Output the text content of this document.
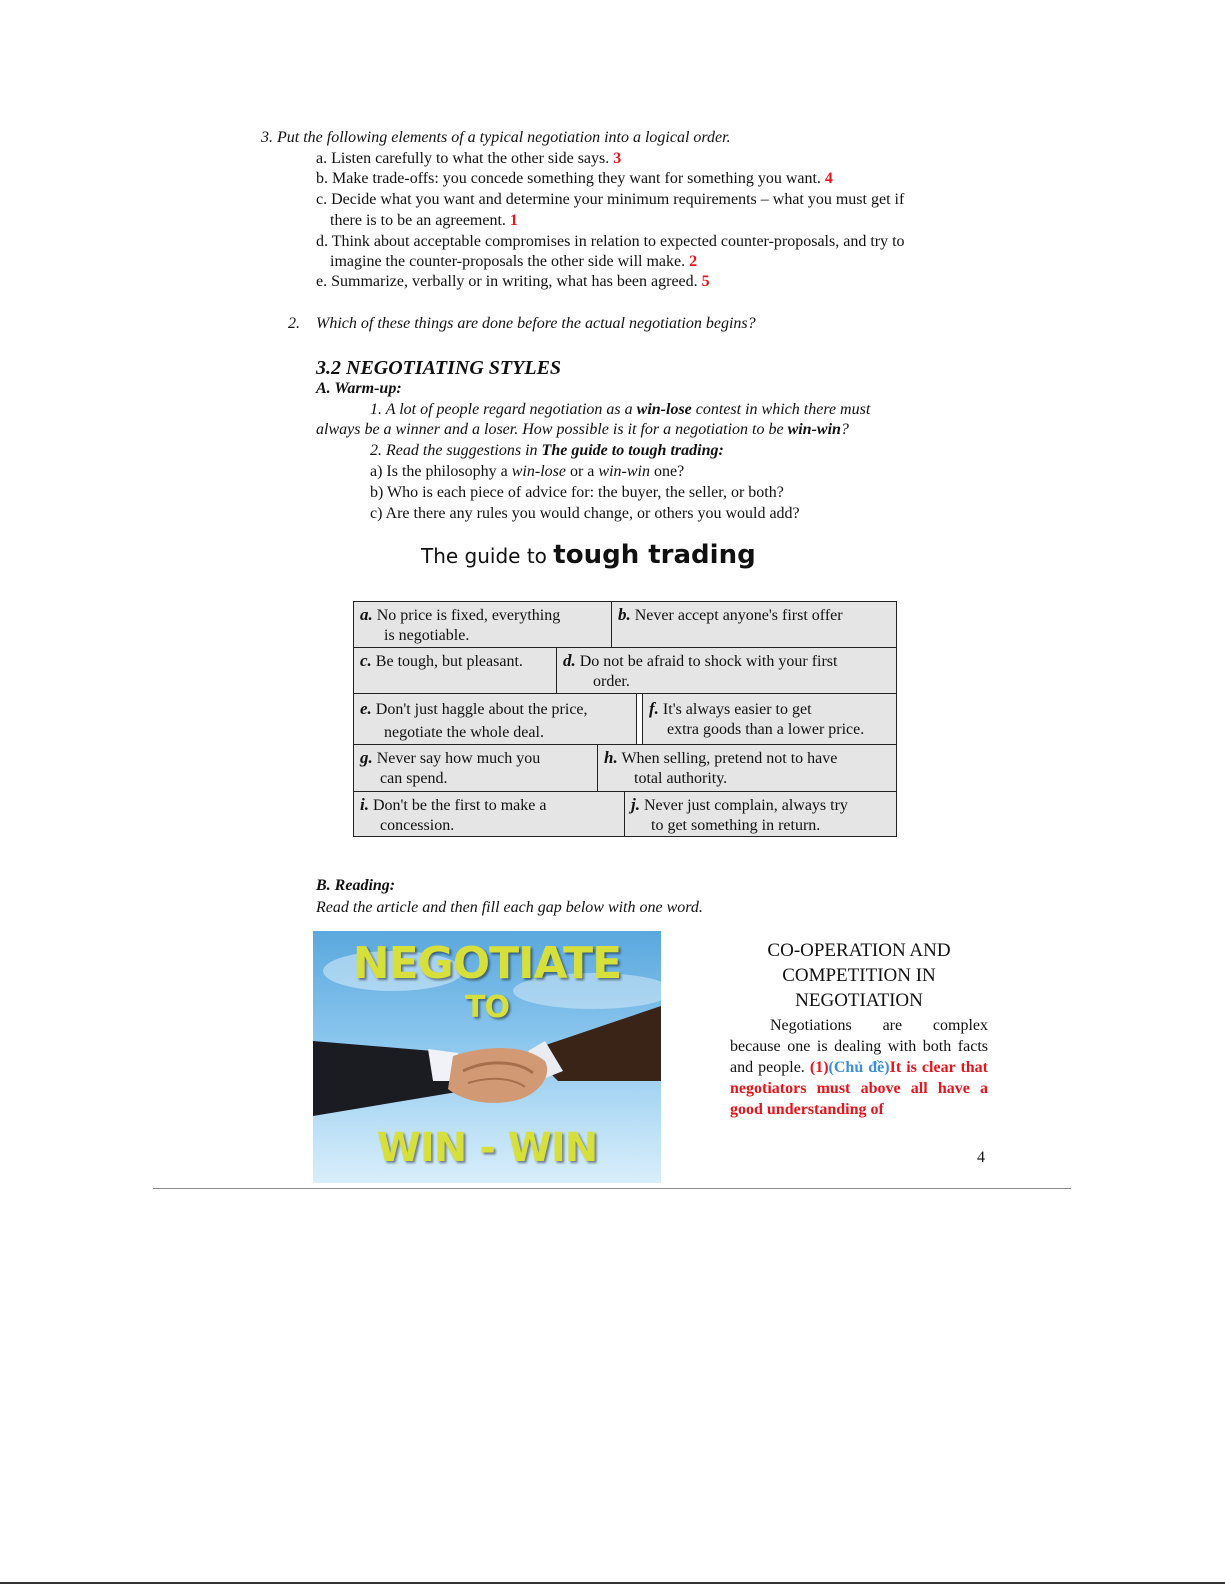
3. Put the following elements of a typical negotiation into a logical order.
a. Listen carefully to what the other side says. 3
b. Make trade-offs: you concede something they want for something you want. 4
c. Decide what you want and determine your minimum requirements – what you must get if
there is to be an agreement. 1
d. Think about acceptable compromises in relation to expected counter-proposals, and try to
imagine the counter-proposals the other side will make. 2
e. Summarize, verbally or in writing, what has been agreed. 5
2. Which of these things are done before the actual negotiation begins?
3.2 NEGOTIATING STYLES
A. Warm-up:
1. A lot of people regard negotiation as a win-lose contest in which there must
always be a winner and a loser. How possible is it for a negotiation to be win-win?
2. Read the suggestions in The guide to tough trading:
a) Is the philosophy a win-lose or a win-win one?
b) Who is each piece of advice for: the buyer, the seller, or both?
c) Are there any rules you would change, or others you would add?
The guide to tough trading
a. No price is fixed, everything
is negotiable.
b. Never accept anyone's first offer
c. Be tough, but pleasant.	d. Do not be afraid to shock with your first
order.
e. Don't just haggle about the price,
negotiate the whole deal.
f. It's always easier to get
extra goods than a lower price.
g. Never say how much you
can spend.
h. When selling, pretend not to have
total authority.
i. Don't be the first to make a
concession.
j. Never just complain, always try
to get something in return.
B. Reading:
Read the article and then fill each gap below with one word.
NEGOTIATE
TO
WIN - WIN
CO-OPERATION AND
COMPETITION IN
NEGOTIATION
Negotiations are complex because one is dealing with both facts and people. (1)(Chủ đề)It is clear that negotiators must above all have a good understanding of
4
